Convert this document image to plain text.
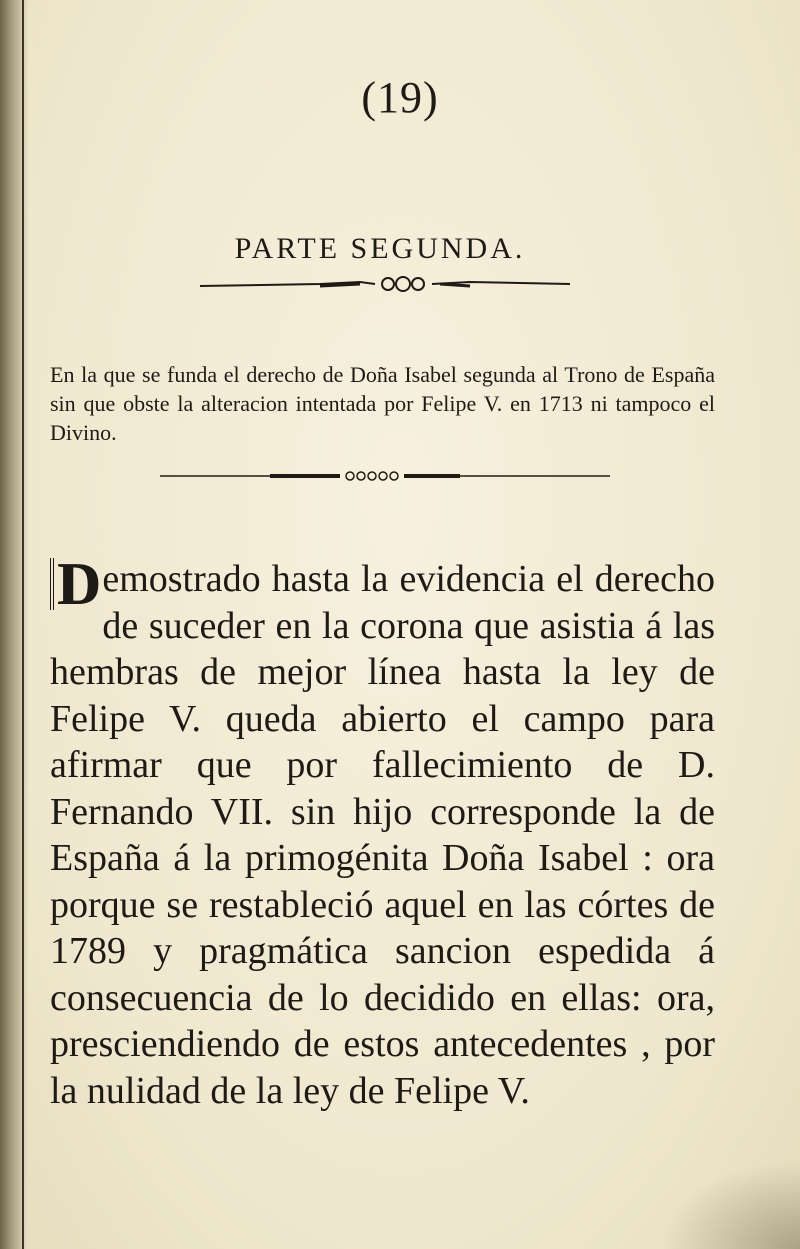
(19)
PARTE SEGUNDA.
En la que se funda el derecho de Doña Isabel segunda al Trono de España sin que obste la alteracion intentada por Felipe V. en 1713 ni tampoco el Divino.
D emostrado hasta la evidencia el derecho de suceder en la corona que asistia á las hembras de mejor línea hasta la ley de Felipe V. queda abierto el campo para afirmar que por fallecimiento de D. Fernando VII. sin hijo corresponde la de España á la primogénita Doña Isabel : ora porque se restableció aquel en las córtes de 1789 y pragmática sancion espedida á consecuencia de lo decidido en ellas: ora, presciendiendo de estos antecedentes , por la nulidad de la ley de Felipe V.
